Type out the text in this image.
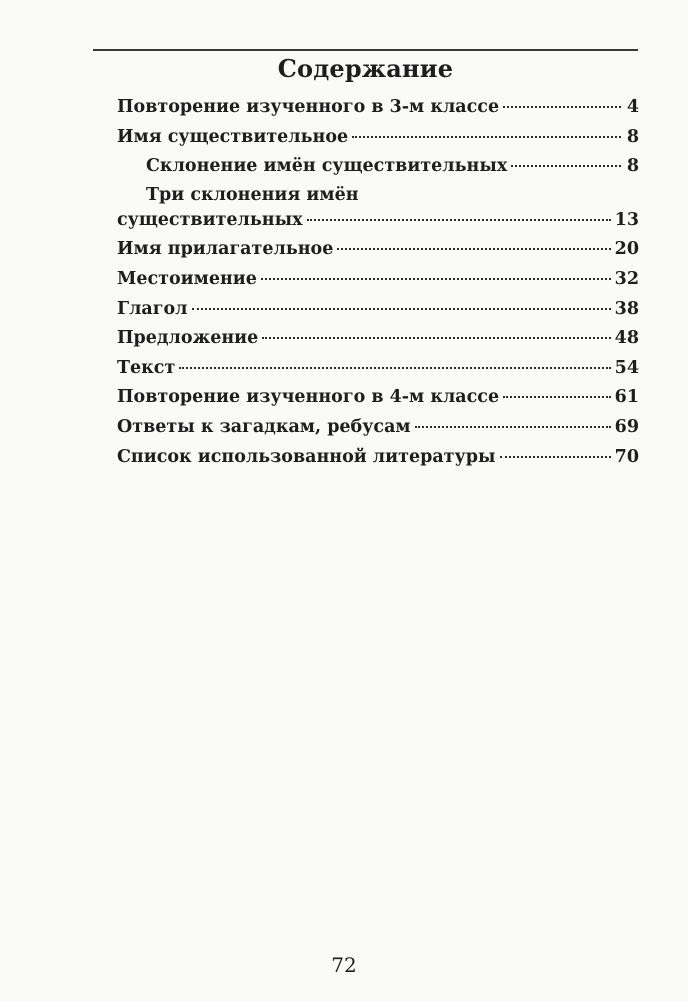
Содержание
Повторение изученного в 3-м классе	4
Имя существительное	8
Склонение имён существительных	8
Три склонения имён
существительных	13
Имя прилагательное	20
Местоимение	32
Глагол	38
Предложение	48
Текст	54
Повторение изученного в 4-м классе	61
Ответы к загадкам, ребусам	69
Список использованной литературы	70
72
